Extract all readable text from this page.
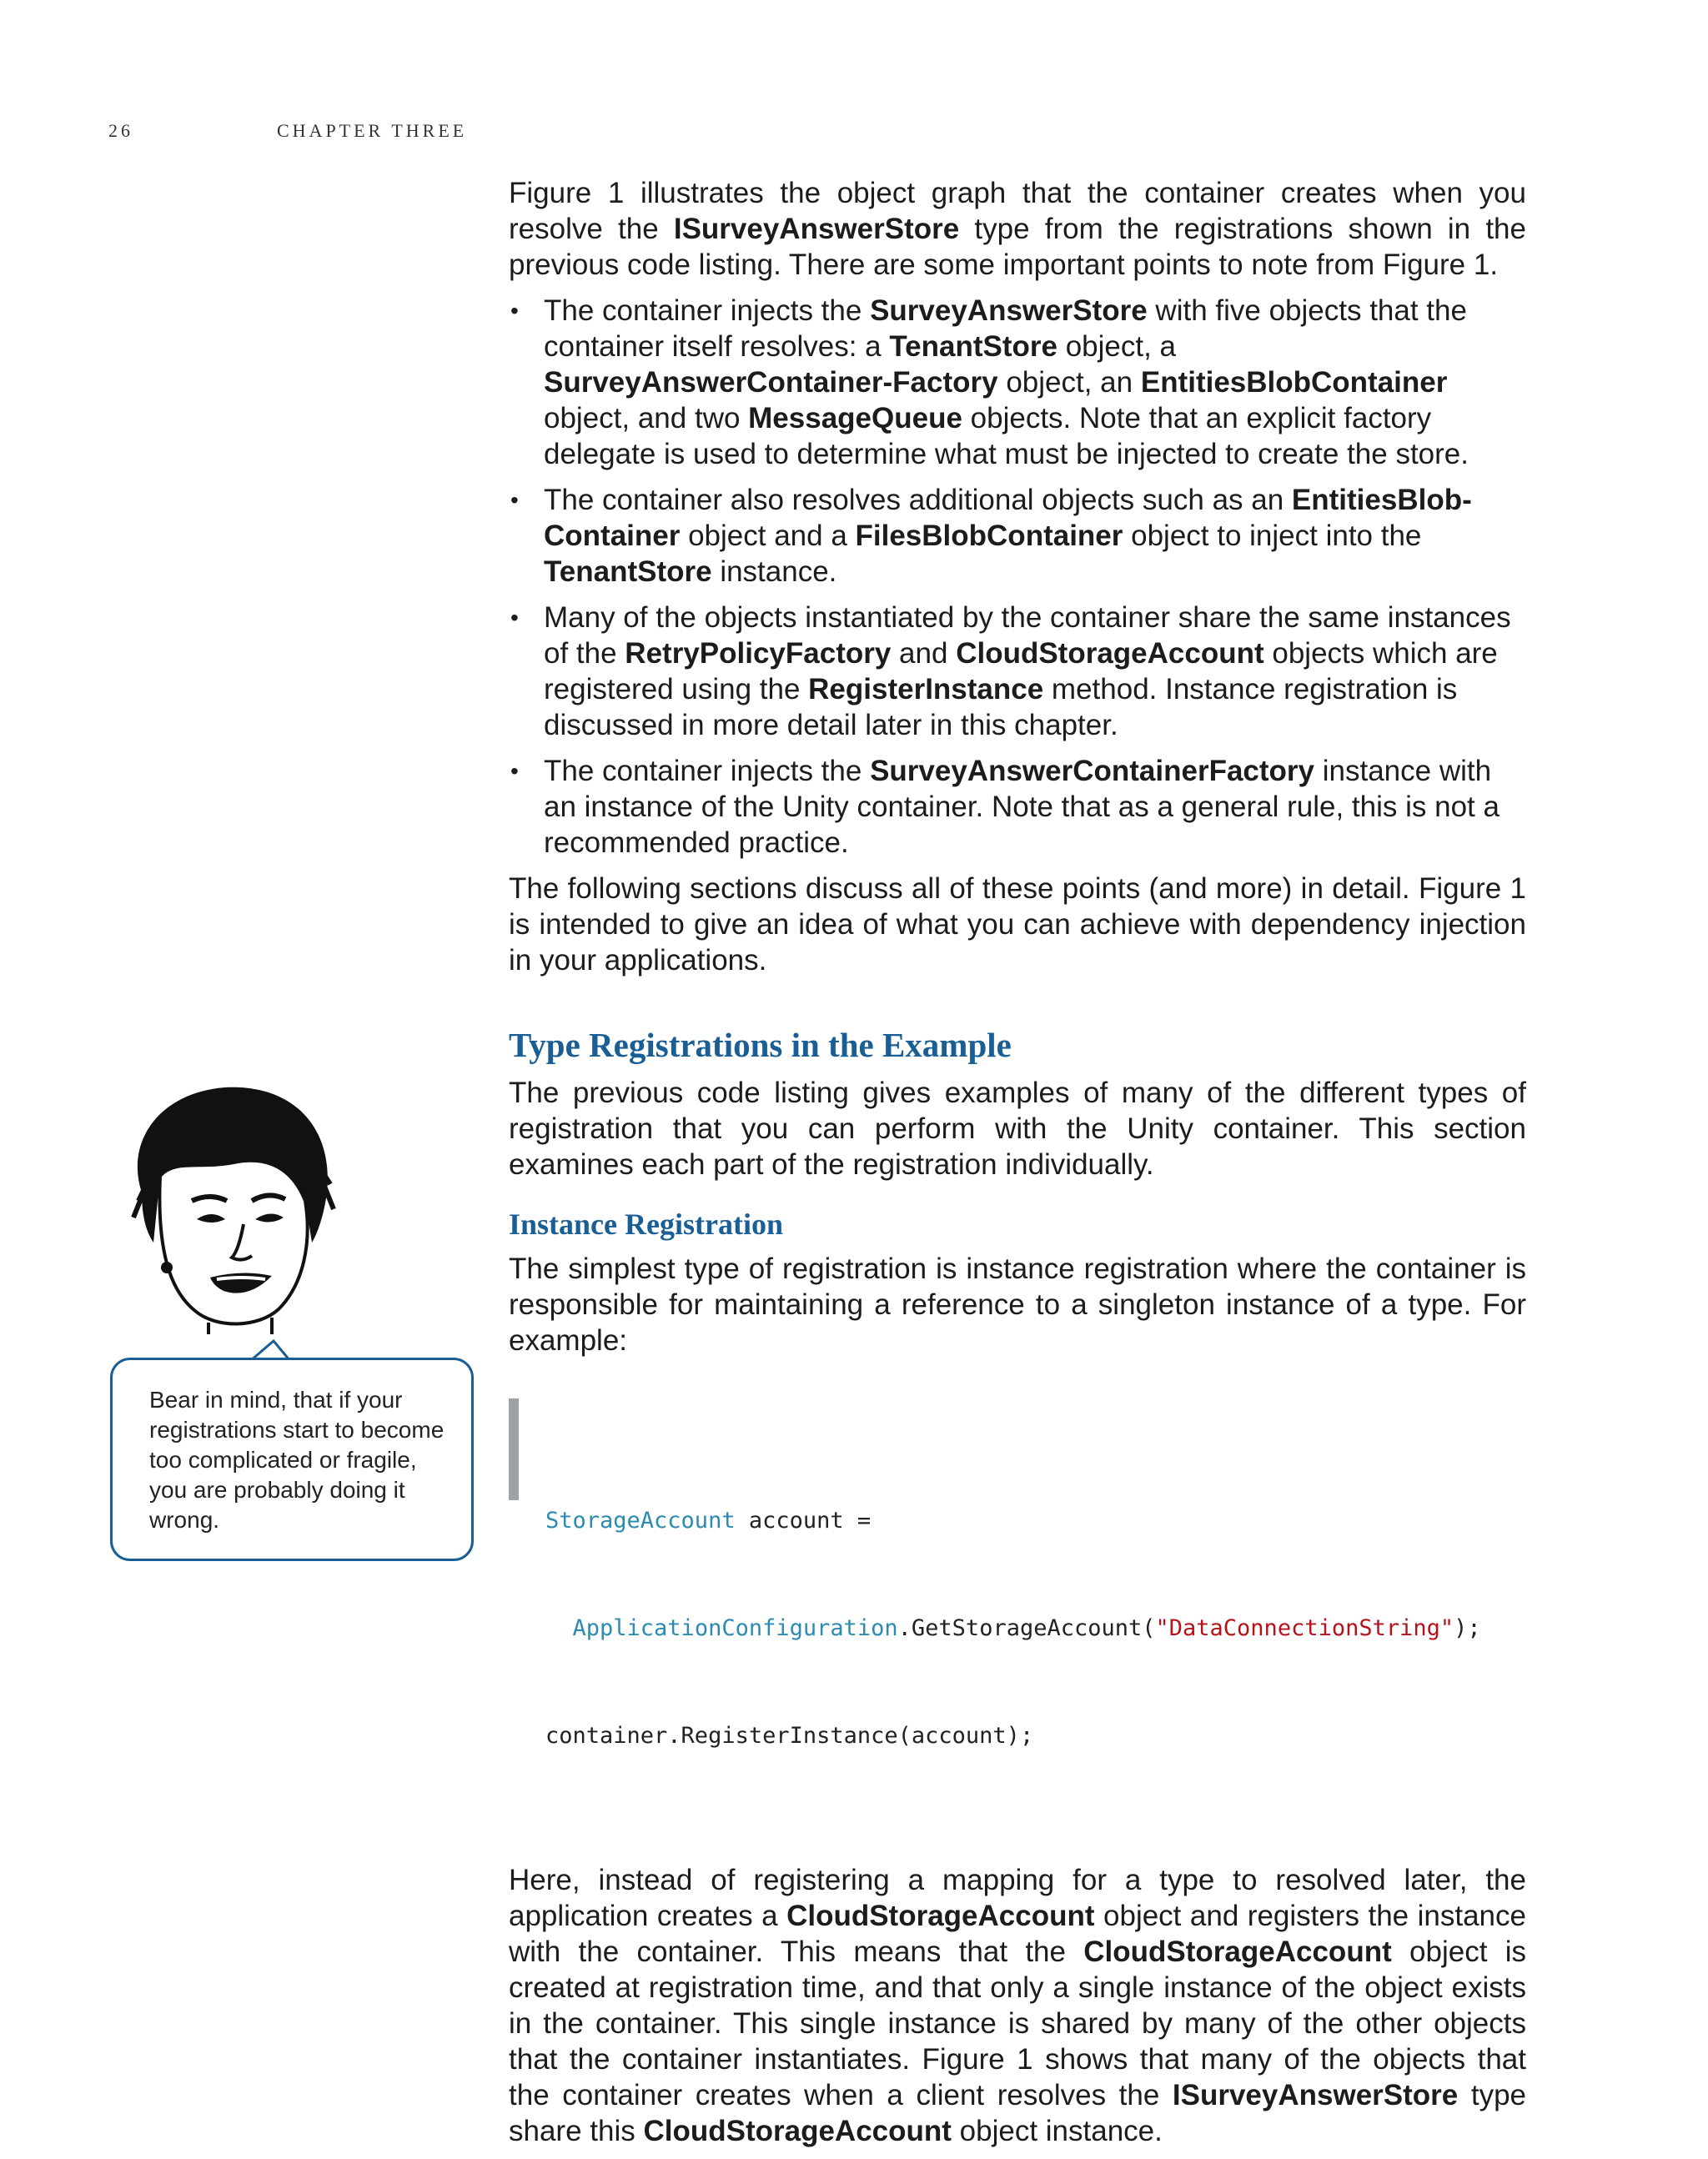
26	CHAPTER THREE

Figure 1 illustrates the object graph that the container creates when you resolve the ISurveyAnswerStore type from the registrations shown in the previous code listing. There are some important points to note from Figure 1.

• The container injects the SurveyAnswerStore with five objects that the container itself resolves: a TenantStore object, a SurveyAnswerContainer-Factory object, an EntitiesBlobContainer object, and two MessageQueue objects. Note that an explicit factory delegate is used to determine what must be injected to create the store.
• The container also resolves additional objects such as an EntitiesBlob-Container object and a FilesBlobContainer object to inject into the TenantStore instance.
• Many of the objects instantiated by the container share the same instances of the RetryPolicyFactory and CloudStorageAccount objects which are registered using the RegisterInstance method. Instance registration is discussed in more detail later in this chapter.
• The container injects the SurveyAnswerContainerFactory instance with an instance of the Unity container. Note that as a general rule, this is not a recommended practice.

The following sections discuss all of these points (and more) in detail. Figure 1 is intended to give an idea of what you can achieve with dependency injection in your applications.

Type Registrations in the Example

The previous code listing gives examples of many of the different types of registration that you can perform with the Unity container. This section examines each part of the registration individually.

Instance Registration

The simplest type of registration is instance registration where the container is responsible for maintaining a reference to a singleton instance of a type. For example:

StorageAccount account =

ApplicationConfiguration.GetStorageAccount("DataConnectionString");

container.RegisterInstance(account);

Here, instead of registering a mapping for a type to resolved later, the application creates a CloudStorageAccount object and registers the instance with the container. This means that the CloudStorageAccount object is created at registration time, and that only a single instance of the object exists in the container. This single instance is shared by many of the other objects that the container instantiates. Figure 1 shows that many of the objects that the container creates when a client resolves the ISurveyAnswerStore type share this CloudStorageAccount object instance.

Bear in mind, that if your registrations start to become too complicated or fragile, you are probably doing it wrong.
